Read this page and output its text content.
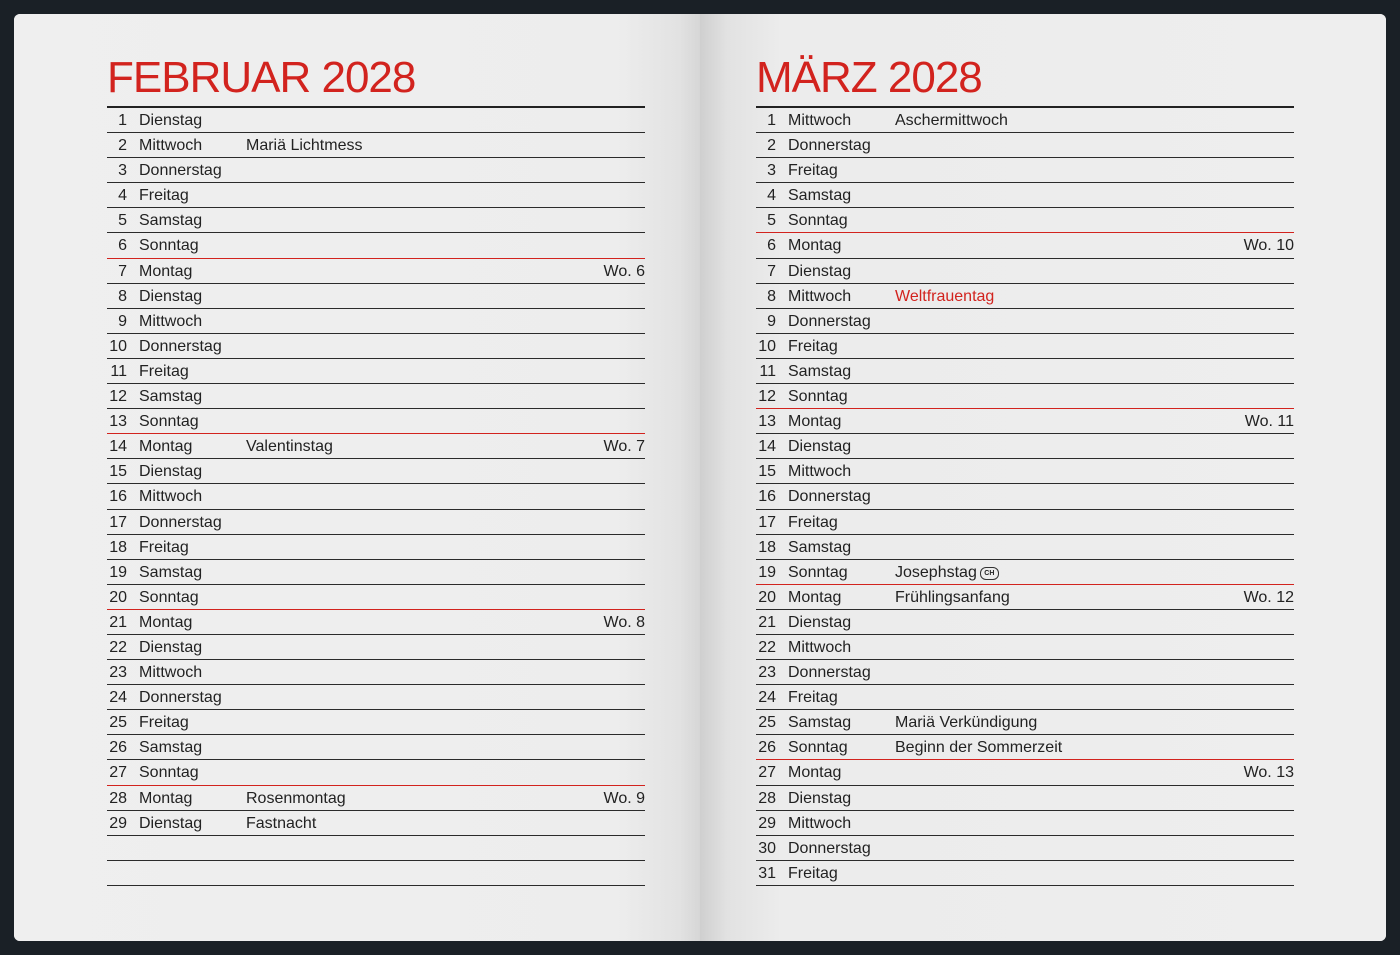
FEBRUAR 2028
1 Dienstag
2 Mittwoch	Mariä Lichtmess
3 Donnerstag
4 Freitag
5 Samstag
6 Sonntag
7 Montag	Wo. 6
8 Dienstag
9 Mittwoch
10 Donnerstag
11 Freitag
12 Samstag
13 Sonntag
14 Montag	Valentinstag	Wo. 7
15 Dienstag
16 Mittwoch
17 Donnerstag
18 Freitag
19 Samstag
20 Sonntag
21 Montag	Wo. 8
22 Dienstag
23 Mittwoch
24 Donnerstag
25 Freitag
26 Samstag
27 Sonntag
28 Montag	Rosenmontag	Wo. 9
29 Dienstag	Fastnacht
MÄRZ 2028
1 Mittwoch	Aschermittwoch
2 Donnerstag
3 Freitag
4 Samstag
5 Sonntag
6 Montag	Wo. 10
7 Dienstag
8 Mittwoch	Weltfrauentag
9 Donnerstag
10 Freitag
11 Samstag
12 Sonntag
13 Montag	Wo. 11
14 Dienstag
15 Mittwoch
16 Donnerstag
17 Freitag
18 Samstag
19 Sonntag	Josephstag CH
20 Montag	Frühlingsanfang	Wo. 12
21 Dienstag
22 Mittwoch
23 Donnerstag
24 Freitag
25 Samstag	Mariä Verkündigung
26 Sonntag	Beginn der Sommerzeit
27 Montag	Wo. 13
28 Dienstag
29 Mittwoch
30 Donnerstag
31 Freitag
